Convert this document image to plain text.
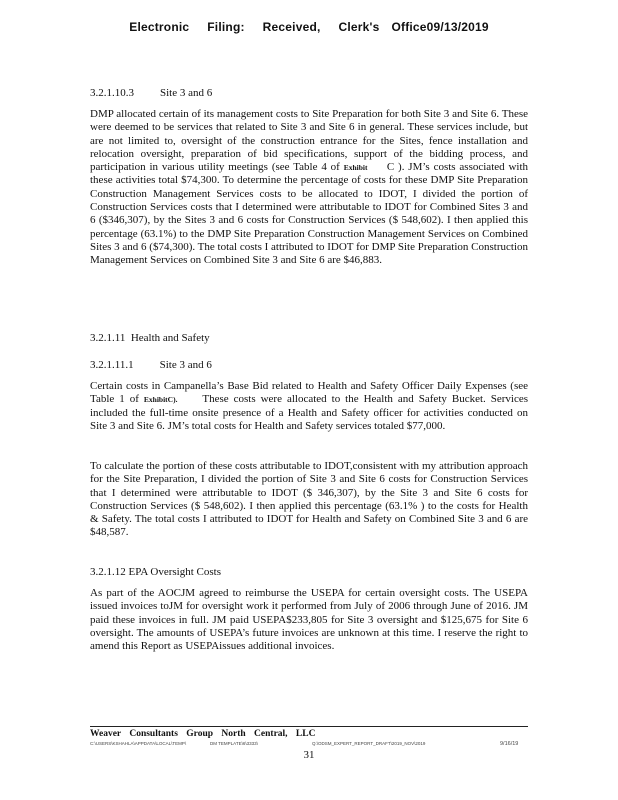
Electronic Filing: Received, Clerk's Office09/13/2019

3.2.1.10.3 Site 3 and 6

DMP allocated certain of its management costs to Site Preparation for both Site 3 and Site 6. These were deemed to be services that related to Site 3 and Site 6 in general. These services include, but are not limited to, oversight of the construction entrance for the Sites, fence installation and relocation oversight, preparation of bid specifications, support of the bidding process, and participation in various utility meetings (see Table 4 of Exhibit C ). JM’s costs associated with these activities total $74,300. To determine the percentage of costs for these DMP Site Preparation Construction Management Services costs to be allocated to IDOT, I divided the portion of Construction Services costs that I determined were attributable to IDOT for Combined Sites 3 and 6 ($346,307), by the Sites 3 and 6 costs for Construction Services ($ 548,602). I then applied this percentage (63.1%) to the DMP Site Preparation Construction Management Services on Combined Sites 3 and 6 ($74,300). The total costs I attributed to IDOT for DMP Site Preparation Construction Management Services on Combined Site 3 and Site 6 are $46,883.

3.2.1.11 Health and Safety

3.2.1.11.1 Site 3 and 6

Certain costs in Campanella’s Base Bid related to Health and Safety Officer Daily Expenses (see Table 1 of ExhibitC). These costs were allocated to the Health and Safety Bucket. Services included the full-time onsite presence of a Health and Safety officer for activities conducted on Site 3 and Site 6. JM’s total costs for Health and Safety services totaled $77,000.

To calculate the portion of these costs attributable to IDOT,consistent with my attribution approach for the Site Preparation, I divided the portion of Site 3 and Site 6 costs for Construction Services that I determined were attributable to IDOT ($ 346,307), by the Site 3 and Site 6 costs for Construction Services ($ 548,602). I then applied this percentage (63.1% ) to the costs for Health & Safety. The total costs I attributed to IDOT for Health and Safety on Combined Site 3 and 6 are $48,587.

3.2.1.12 EPA Oversight Costs

As part of the AOCJM agreed to reimburse the USEPA for certain oversight costs. The USEPA issued invoices toJM for oversight work it performed from July of 2006 through June of 2016. JM paid these invoices in full. JM paid USEPA$233,805 for Site 3 oversight and $125,675 for Site 6 oversight. The amounts of USEPA’s future invoices are unknown at this time. I reserve the right to amend this Report as USEPAissues additional invoices.

Weaver Consultants Group North Central, LLC
C:\USERS\KSHAHLA\APPDATA\LOCAL\TEMP\	DM TEMPLATE\6\3333\	Q:\ODSM_EXPERT_REPORT_DRAFT\2019_NOV\2019	9/16/19
31
